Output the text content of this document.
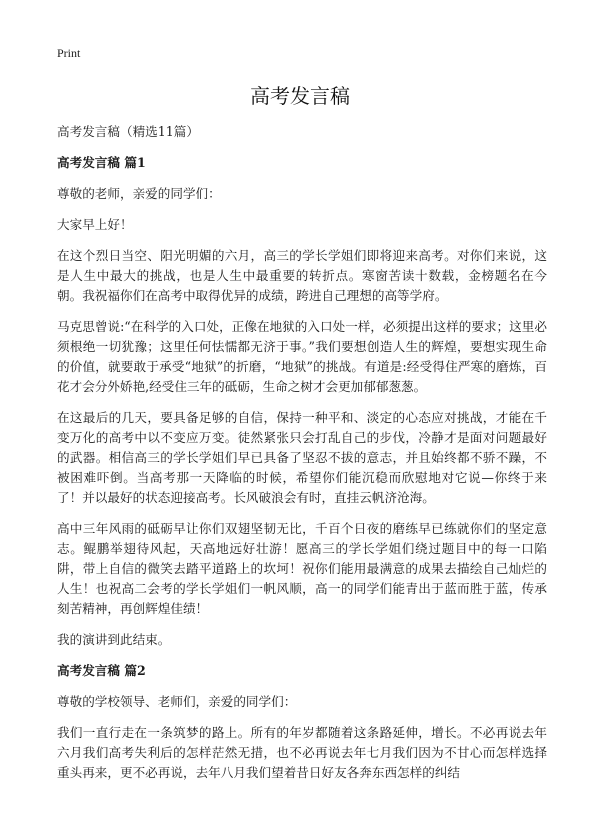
Print
高考发言稿

高考发言稿（精选11篇）

高考发言稿 篇1

尊敬的老师，亲爱的同学们：

大家早上好！

在这个烈日当空、阳光明媚的六月，高三的学长学姐们即将迎来高考。对你们来说，这是人生中最大的挑战，也是人生中最重要的转折点。寒窗苦读十数载，金榜题名在今朝。我祝福你们在高考中取得优异的成绩，跨进自己理想的高等学府。

马克思曾说:“在科学的入口处，正像在地狱的入口处一样，必须提出这样的要求；这里必须根绝一切犹豫；这里任何怯懦都无济于事。”我们要想创造人生的辉煌，要想实现生命的价值，就要敢于承受“地狱”的折磨，“地狱”的挑战。有道是:经受得住严寒的磨炼，百花才会分外娇艳,经受住三年的砥砺，生命之树才会更加郁郁葱葱。

在这最后的几天，要具备足够的自信，保持一种平和、淡定的心态应对挑战，才能在千变万化的高考中以不变应万变。徒然紧张只会打乱自己的步伐，冷静才是面对问题最好的武器。相信高三的学长学姐们早已具备了坚忍不拔的意志，并且始终都不骄不躁，不被困难吓倒。当高考那一天降临的时候，希望你们能沉稳而欣慰地对它说—你终于来了！并以最好的状态迎接高考。长风破浪会有时，直挂云帆济沧海。

高中三年风雨的砥砺早让你们双翅坚韧无比，千百个日夜的磨练早已练就你们的坚定意志。鲲鹏举翅待风起，天高地远好壮游！愿高三的学长学姐们绕过题目中的每一口陷阱，带上自信的微笑去踏平道路上的坎坷！祝你们能用最满意的成果去描绘自己灿烂的人生！也祝高二会考的学长学姐们一帆风顺，高一的同学们能青出于蓝而胜于蓝，传承刻苦精神，再创辉煌佳绩！

我的演讲到此结束。

高考发言稿 篇2

尊敬的学校领导、老师们，亲爱的同学们：

我们一直行走在一条筑梦的路上。所有的年岁都随着这条路延伸，增长。不必再说去年六月我们高考失利后的怎样茫然无措，也不必再说去年七月我们因为不甘心而怎样选择重头再来，更不必再说，去年八月我们望着昔日好友各奔东西怎样的纠结
